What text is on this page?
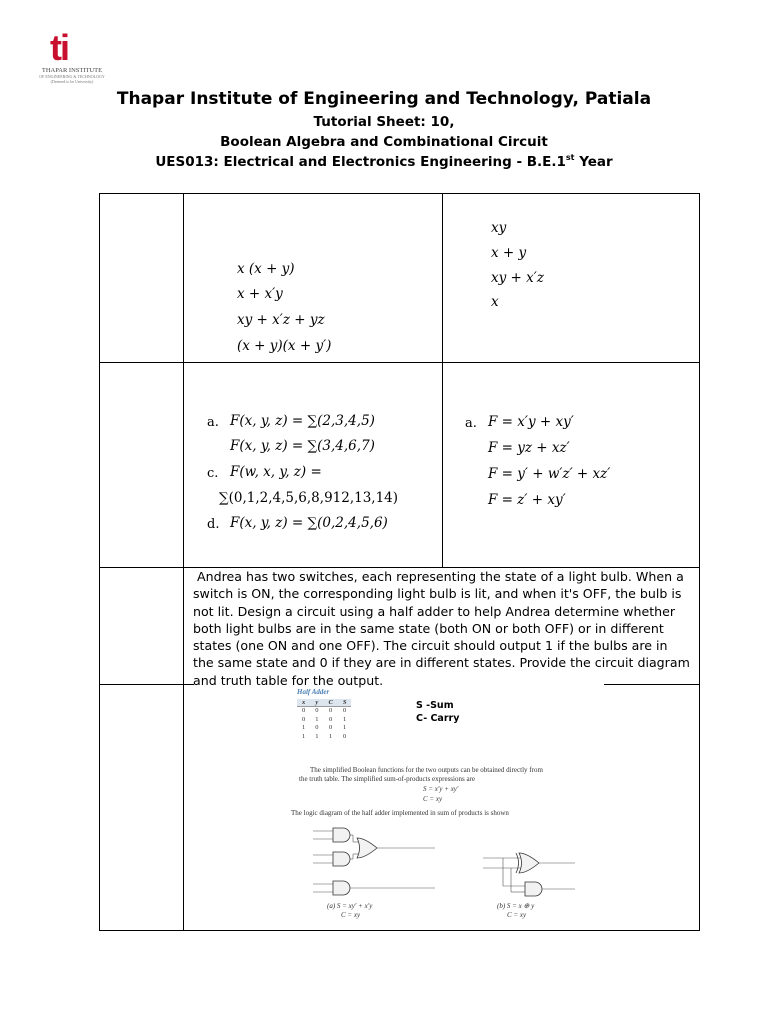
ti
THAPAR INSTITUTE
OF ENGINEERING & TECHNOLOGY
(Deemed to be University)
Thapar Institute of Engineering and Technology, Patiala
Tutorial Sheet: 10,
Boolean Algebra and Combinational Circuit
UES013: Electrical and Electronics Engineering - B.E.1st Year
x (x + y)
x + x′y
xy + x′z + yz
(x + y)(x + y′)
xy
x + y
xy + x′z
x
a. F(x, y, z) = ∑(2,3,4,5)
F(x, y, z) = ∑(3,4,6,7)
c. F(w, x, y, z) =
∑(0,1,2,4,5,6,8,912,13,14)
d. F(x, y, z) = ∑(0,2,4,5,6)
a. F = x′y + xy′
F = yz + xz′
F = y′ + w′z′ + xz′
F = z′ + xy′
Andrea has two switches, each representing the state of a light bulb. When a
switch is ON, the corresponding light bulb is lit, and when it's OFF, the bulb is
not lit. Design a circuit using a half adder to help Andrea determine whether
both light bulbs are in the same state (both ON or both OFF) or in different
states (one ON and one OFF). The circuit should output 1 if the bulbs are in
the same state and 0 if they are in different states. Provide the circuit diagram
and truth table for the output.
Half Adder
x	y	C	S
0	0	0	0
0	1	0	1
1	0	0	1
1	1	1	0
S -Sum
C- Carry
The simplified Boolean functions for the two outputs can be obtained directly from
the truth table. The simplified sum-of-products expressions are
S = x′y + xy′
C = xy
The logic diagram of the half adder implemented in sum of products is shown
(a) S = xy′ + x′y
C = xy
(b) S = x ⊕ y
C = xy
